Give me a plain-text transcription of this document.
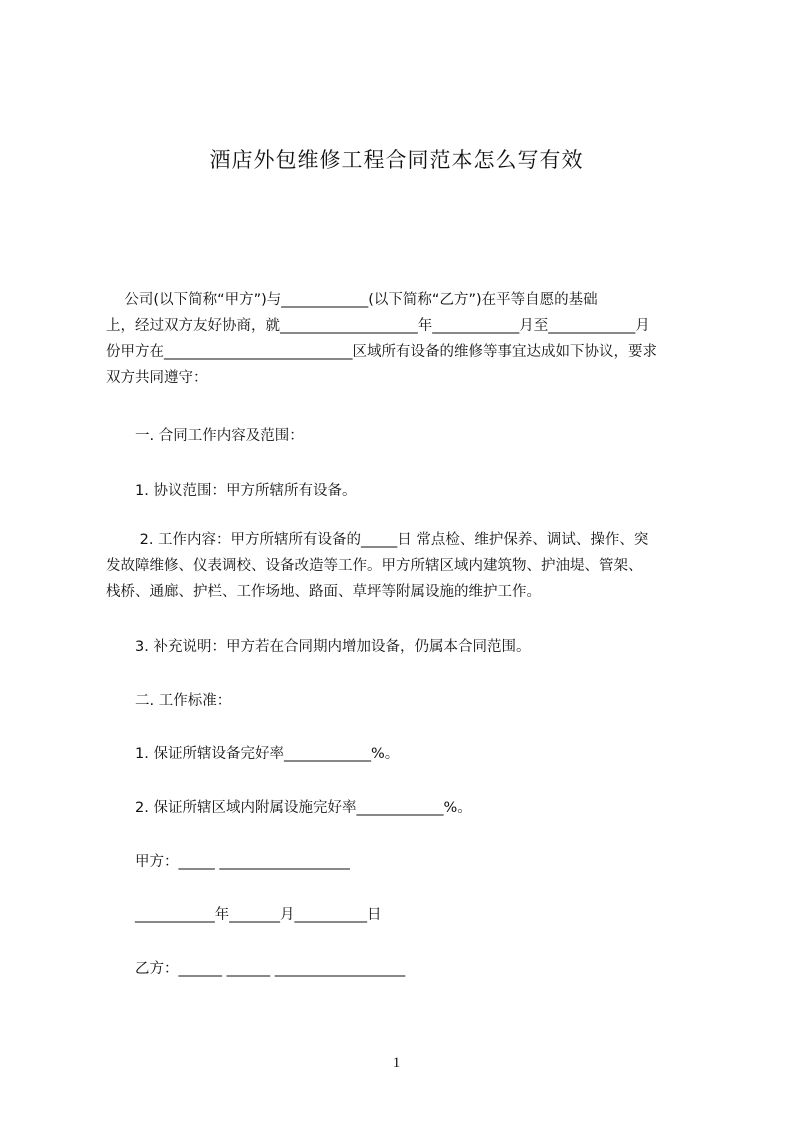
酒店外包维修工程合同范本怎么写有效
公司(以下简称“甲方”)与____________(以下简称“乙方”)在平等自愿的基础
上，经过双方友好协商，就___________________年____________月至____________月
份甲方在__________________________区域所有设备的维修等事宜达成如下协议，要求
双方共同遵守：

一. 合同工作内容及范围：

1. 协议范围：甲方所辖所有设备。

2. 工作内容：甲方所辖所有设备的_____日 常点检、维护保养、调试、操作、突
发故障维修、仪表调校、设备改造等工作。甲方所辖区域内建筑物、护油堤、管架、
栈桥、通廊、护栏、工作场地、路面、草坪等附属设施的维护工作。

3. 补充说明：甲方若在合同期内增加设备，仍属本合同范围。

二. 工作标准：

1. 保证所辖设备完好率____________%。

2. 保证所辖区域内附属设施完好率____________%。

甲方：_____ __________________

___________年_______月__________日

乙方：______ ______ __________________

1
